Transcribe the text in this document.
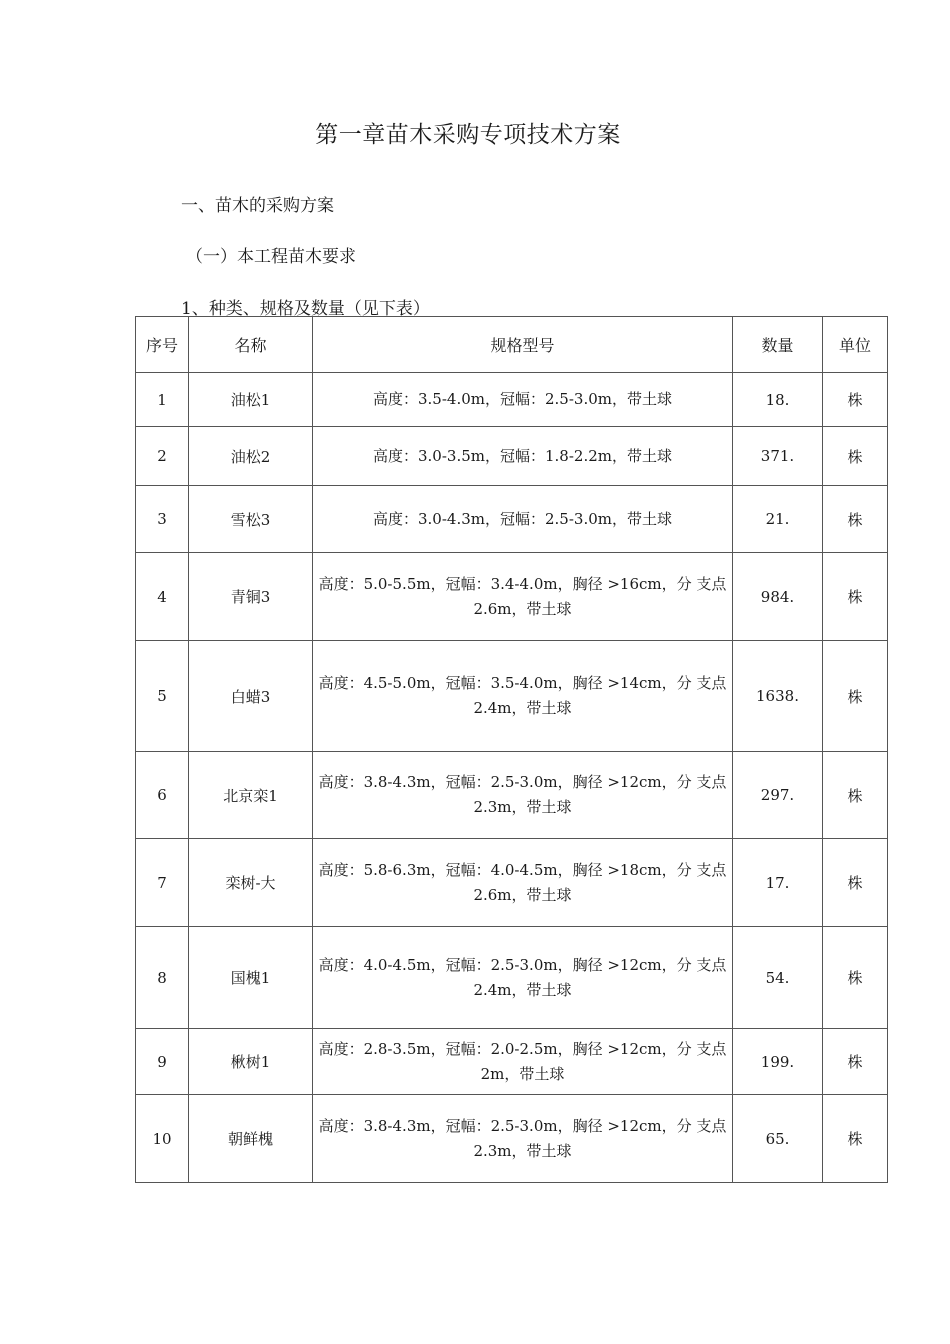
第一章苗木采购专项技术方案
一、苗木的采购方案
（一）本工程苗木要求
1、种类、规格及数量（见下表）
序号	名称	规格型号	数量	单位
1	油松1	高度：3.5-4.0m，冠幅：2.5-3.0m，带土球	18.	株
2	油松2	高度：3.0-3.5m，冠幅：1.8-2.2m，带土球	371.	株
3	雪松3	高度：3.0-4.3m，冠幅：2.5-3.0m，带土球	21.	株
4	青铜3	高度：5.0-5.5m，冠幅：3.4-4.0m，胸径 >16cm，分 支点2.6m，带土球	984.	株
5	白蜡3	高度：4.5-5.0m，冠幅：3.5-4.0m，胸径 >14cm，分 支点2.4m，带土球	1638.	株
6	北京栾1	高度：3.8-4.3m，冠幅：2.5-3.0m，胸径 >12cm，分 支点2.3m，带土球	297.	株
7	栾树-大	高度：5.8-6.3m，冠幅：4.0-4.5m，胸径 >18cm，分 支点2.6m，带土球	17.	株
8	国槐1	高度：4.0-4.5m，冠幅：2.5-3.0m，胸径 >12cm，分 支点2.4m，带土球	54.	株
9	楸树1	高度：2.8-3.5m，冠幅：2.0-2.5m，胸径 >12cm，分 支点2m，带土球	199.	株
10	朝鲜槐	高度：3.8-4.3m，冠幅：2.5-3.0m，胸径 >12cm，分 支点2.3m，带土球	65.	株
